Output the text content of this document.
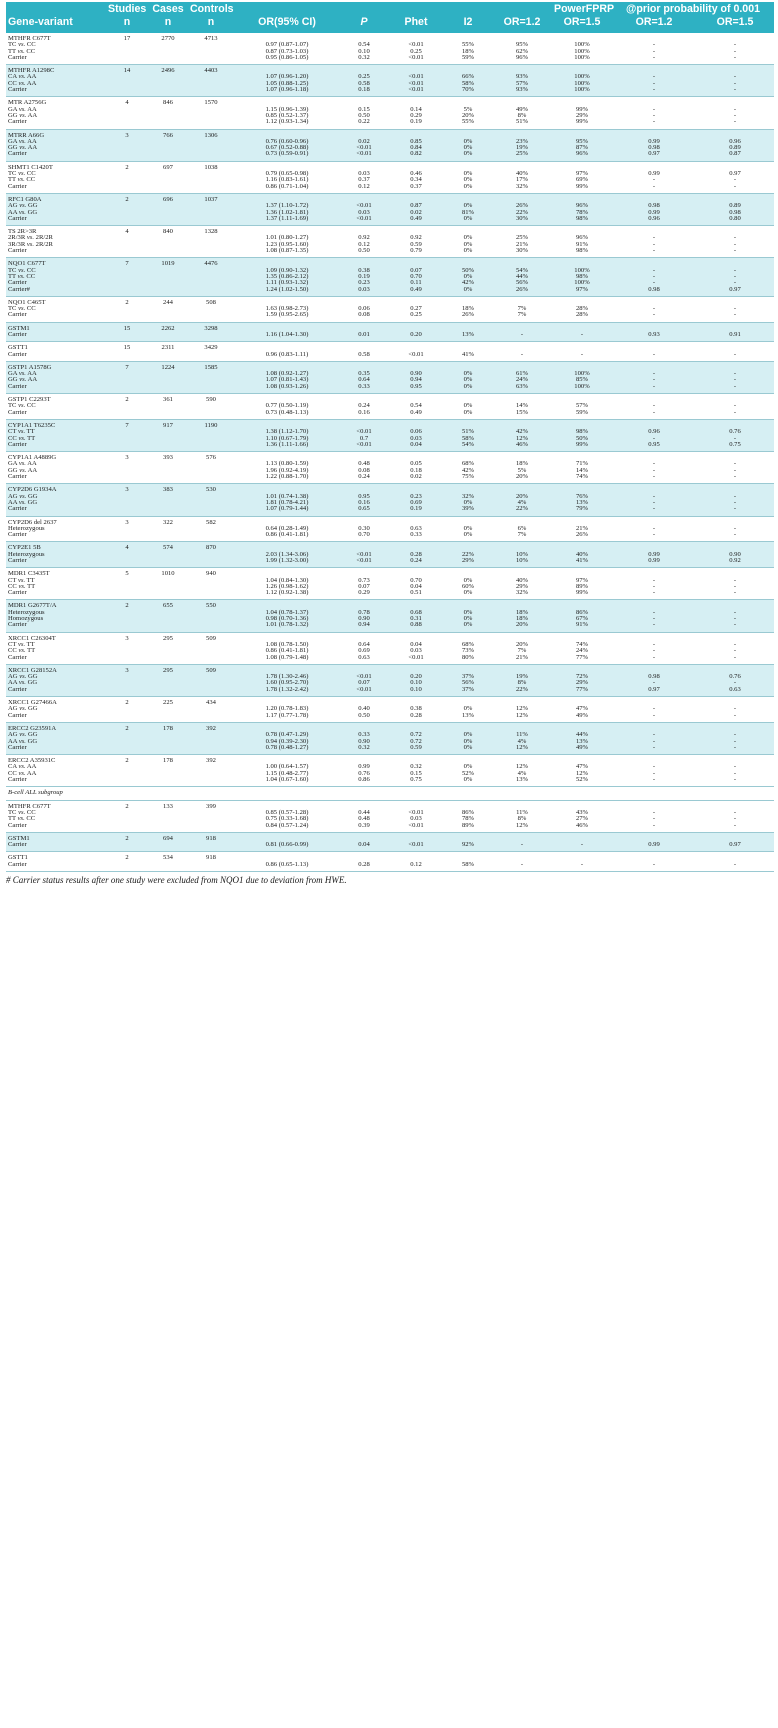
	Studies	Cases	Controls						PowerFPRP	@prior probability of 0.001	
Gene-variant	n	n	n	OR(95% CI)	P	Phet	I2	OR=1.2	OR=1.5	OR=1.2	OR=1.5
MTHFR C677T	17	2770	4713								
TC vs. CC				0.97 (0.87-1.07)	0.54	<0.01	55%	95%	100%	-	-
TT vs. CC				0.87 (0.73-1.03)	0.10	0.25	18%	62%	100%	-	-
Carrier				0.95 (0.86-1.05)	0.32	<0.01	59%	96%	100%	-	-
MTHFR A1298C	14	2496	4403								
CA vs. AA				1.07 (0.96-1.20)	0.25	<0.01	66%	93%	100%	-	-
CC vs. AA				1.05 (0.88-1.25)	0.58	<0.01	58%	57%	100%	-	-
Carrier				1.07 (0.96-1.18)	0.18	<0.01	70%	93%	100%	-	-
MTR A2756G	4	846	1570								
GA vs. AA				1.15 (0.96-1.39)	0.15	0.14	5%	49%	99%	-	-
GG vs. AA				0.85 (0.52-1.37)	0.50	0.29	20%	8%	29%	-	-
Carrier				1.12 (0.93-1.34)	0.22	0.19	55%	51%	99%	-	-
MTRR A66G	3	766	1306								
GA vs. AA				0.76 (0.60-0.96)	0.02	0.85	0%	23%	95%	0.99	0.96
GG vs. AA				0.67 (0.52-0.88)	<0.01	0.84	0%	19%	87%	0.98	0.89
Carrier				0.73 (0.59-0.91)	<0.01	0.82	0%	25%	96%	0.97	0.87
SHMT1 C1420T	2	697	1038								
TC vs. CC				0.79 (0.65-0.98)	0.03	0.46	0%	40%	97%	0.99	0.97
TT vs. CC				1.16 (0.83-1.61)	0.37	0.34	0%	17%	69%	-	-
Carrier				0.86 (0.71-1.04)	0.12	0.37	0%	32%	99%	-	-
RFC1 G80A	2	696	1037								
AG vs. GG				1.37 (1.10-1.72)	<0.01	0.87	0%	26%	96%	0.98	0.89
AA vs. GG				1.36 (1.02-1.81)	0.03	0.02	81%	22%	78%	0.99	0.98
Carrier				1.37 (1.11-1.69)	<0.01	0.49	0%	30%	98%	0.96	0.80
TS 2R>3R	4	840	1328								
2R/3R vs. 2R/2R				1.01 (0.80-1.27)	0.92	0.92	0%	25%	96%	-	-
3R/3R vs. 2R/2R				1.23 (0.95-1.60)	0.12	0.59	0%	21%	91%	-	-
Carrier				1.08 (0.87-1.35)	0.50	0.79	0%	30%	98%	-	-
NQO1 C677T	7	1019	4476								
TC vs. CC				1.09 (0.90-1.32)	0.38	0.07	50%	54%	100%	-	-
TT vs. CC				1.35 (0.86-2.12)	0.19	0.70	0%	44%	98%	-	-
Carrier				1.11 (0.93-1.32)	0.23	0.11	42%	56%	100%	-	-
Carrier#				1.24 (1.02-1.50)	0.03	0.49	0%	26%	97%	0.98	0.97
NQO1 C465T	2	244	508								
TC vs. CC				1.63 (0.98-2.73)	0.06	0.27	18%	7%	28%	-	-
Carrier				1.59 (0.95-2.65)	0.08	0.25	26%	7%	28%	-	-
GSTM1	15	2262	3298								
Carrier				1.16 (1.04-1.30)	0.01	0.20	13%	-	-	0.93	0.91
GSTT1	15	2311	3429								
Carrier				0.96 (0.83-1.11)	0.58	<0.01	41%	-	-	-	-
GSTP1 A1578G	7	1224	1585								
GA vs. AA				1.08 (0.92-1.27)	0.35	0.90	0%	61%	100%	-	-
GG vs. AA				1.07 (0.81-1.43)	0.64	0.94	0%	24%	85%	-	-
Carrier				1.08 (0.93-1.26)	0.33	0.95	0%	63%	100%	-	-
GSTP1 C2293T	2	361	590								
TC vs. CC				0.77 (0.50-1.19)	0.24	0.54	0%	14%	57%	-	-
Carrier				0.73 (0.48-1.13)	0.16	0.49	0%	15%	59%	-	-
CYP1A1 T6235C	7	917	1190								
CT vs. TT				1.38 (1.12-1.70)	<0.01	0.06	51%	42%	98%	0.96	0.76
CC vs. TT				1.10 (0.67-1.79)	0.7	0.03	58%	12%	50%	-	-
Carrier				1.36 (1.11-1.66)	<0.01	0.04	54%	46%	99%	0.95	0.75
CYP1A1 A4889G	3	393	576								
GA vs. AA				1.13 (0.80-1.59)	0.48	0.05	68%	18%	71%	-	-
GG vs. AA				1.96 (0.92-4.19)	0.08	0.18	42%	5%	14%	-	-
Carrier				1.22 (0.88-1.70)	0.24	0.02	75%	20%	74%	-	-
CYP2D6 G1934A	3	383	530								
AG vs. GG				1.01 (0.74-1.38)	0.95	0.23	32%	20%	76%	-	-
AA vs. GG				1.81 (0.78-4.21)	0.16	0.69	0%	4%	13%	-	-
Carrier				1.07 (0.79-1.44)	0.65	0.19	39%	22%	79%	-	-
CYP2D6 del 2637	3	322	582								
Heterozygous				0.64 (0.28-1.49)	0.30	0.63	0%	6%	21%	-	-
Carrier				0.86 (0.41-1.81)	0.70	0.33	0%	7%	26%	-	-
CYP2E1 5B	4	574	870								
Heterozygous				2.03 (1.34-3.06)	<0.01	0.28	22%	10%	40%	0.99	0.90
Carrier				1.99 (1.32-3.00)	<0.01	0.24	29%	10%	41%	0.99	0.92
MDR1 C3435T	5	1010	940								
CT vs. TT				1.04 (0.84-1.30)	0.73	0.70	0%	40%	97%	-	-
CC vs. TT				1.26 (0.98-1.62)	0.07	0.04	60%	29%	89%	-	-
Carrier				1.12 (0.92-1.38)	0.29	0.51	0%	32%	99%	-	-
MDR1 G2677T/A	2	655	550								
Heterozygous				1.04 (0.78-1.37)	0.78	0.68	0%	18%	86%	-	-
Homozygous				0.98 (0.70-1.36)	0.90	0.31	0%	18%	67%	-	-
Carrier				1.01 (0.78-1.32)	0.94	0.88	0%	20%	91%	-	-
XRCC1 C26304T	3	295	509								
CT vs. TT				1.08 (0.78-1.50)	0.64	0.04	68%	20%	74%	-	-
CC vs. TT				0.86 (0.41-1.81)	0.69	0.03	73%	7%	24%	-	-
Carrier				1.08 (0.79-1.48)	0.63	<0.01	80%	21%	77%	-	-
XRCC1 G28152A	3	295	509								
AG vs. GG				1.78 (1.30-2.46)	<0.01	0.20	37%	19%	72%	0.98	0.76
AA vs. GG				1.60 (0.95-2.70)	0.07	0.10	56%	8%	29%	-	-
Carrier				1.78 (1.32-2.42)	<0.01	0.10	37%	22%	77%	0.97	0.63
XRCC1 G27466A	2	225	434								
AG vs. GG				1.20 (0.78-1.83)	0.40	0.38	0%	12%	47%	-	-
Carrier				1.17 (0.77-1.78)	0.50	0.28	13%	12%	49%	-	-
ERCC2 G23591A	2	178	392								
AG vs. GG				0.78 (0.47-1.29)	0.33	0.72	0%	11%	44%	-	-
AA vs. GG				0.94 (0.39-2.30)	0.90	0.72	0%	4%	13%	-	-
Carrier				0.78 (0.48-1.27)	0.32	0.59	0%	12%	49%	-	-
ERCC2 A35931C	2	178	392								
CA vs. AA				1.00 (0.64-1.57)	0.99	0.32	0%	12%	47%	-	-
CC vs. AA				1.15 (0.48-2.77)	0.76	0.15	52%	4%	12%	-	-
Carrier				1.04 (0.67-1.60)	0.86	0.75	0%	13%	52%	-	-
B-cell ALL subgroup											
MTHFR C677T	2	133	399								
TC vs. CC				0.85 (0.57-1.28)	0.44	<0.01	86%	11%	43%	-	-
TT vs. CC				0.75 (0.33-1.68)	0.48	0.03	78%	8%	27%	-	-
Carrier				0.84 (0.57-1.24)	0.39	<0.01	89%	12%	46%	-	-
GSTM1	2	694	918								
Carrier				0.81 (0.66-0.99)	0.04	<0.01	92%	-	-	0.99	0.97
GSTT1	2	534	918								
Carrier				0.86 (0.65-1.13)	0.28	0.12	58%	-	-	-	-
# Carrier status results after one study were excluded from NQO1 due to deviation from HWE.
